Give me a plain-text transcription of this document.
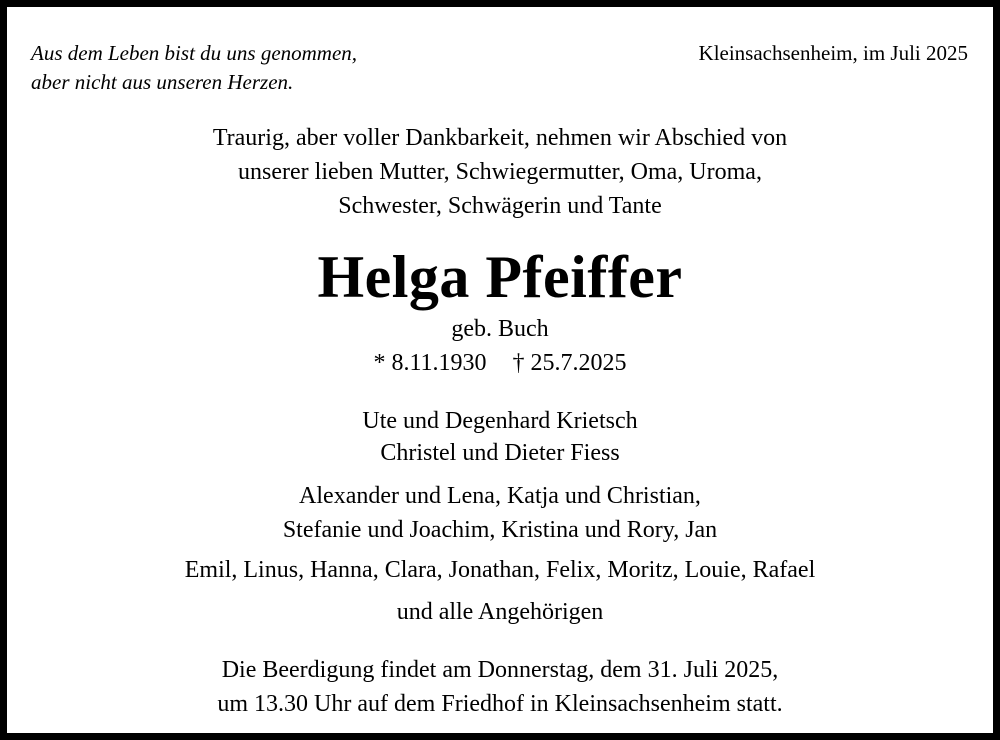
Aus dem Leben bist du uns genommen,
aber nicht aus unseren Herzen.
Kleinsachsenheim, im Juli 2025
Traurig, aber voller Dankbarkeit, nehmen wir Abschied von
unserer lieben Mutter, Schwiegermutter, Oma, Uroma,
Schwester, Schwägerin und Tante
Helga Pfeiffer
geb. Buch
* 8.11.1930 † 25.7.2025
Ute und Degenhard Krietsch
Christel und Dieter Fiess
Alexander und Lena, Katja und Christian,
Stefanie und Joachim, Kristina und Rory, Jan
Emil, Linus, Hanna, Clara, Jonathan, Felix, Moritz, Louie, Rafael
und alle Angehörigen
Die Beerdigung findet am Donnerstag, dem 31. Juli 2025,
um 13.30 Uhr auf dem Friedhof in Kleinsachsenheim statt.
